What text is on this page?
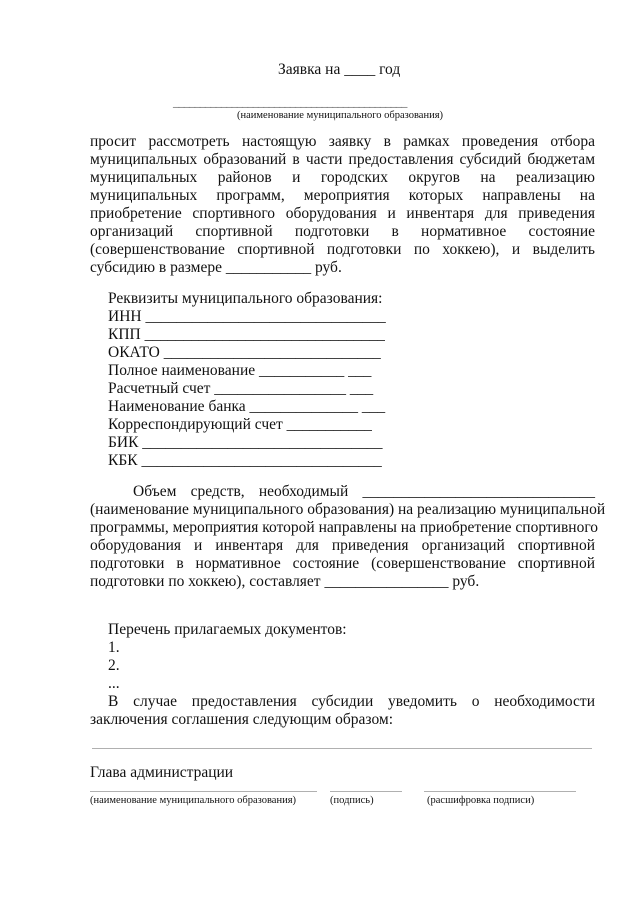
Заявка на ____ год
____________________________________________
(наименование муниципального образования)
просит рассмотреть настоящую заявку в рамках проведения отбора
муниципальных образований в части предоставления субсидий бюджетам
муниципальных районов и городских округов на реализацию
муниципальных программ, мероприятия которых направлены на
приобретение спортивного оборудования и инвентаря для приведения
организаций спортивной подготовки в нормативное состояние
(совершенствование спортивной подготовки по хоккею), и выделить
субсидию в размере ___________ руб.
Реквизиты муниципального образования:
ИНН _______________________________
КПП _______________________________
ОКАТО ____________________________
Полное наименование ___________ ___
Расчетный счет _________________ ___
Наименование банка ______________ ___
Корреспондирующий счет ___________
БИК _______________________________
КБК _______________________________
Объем средств, необходимый ______________________________
(наименование муниципального образования) на реализацию муниципальной
программы, мероприятия которой направлены на приобретение спортивного
оборудования и инвентаря для приведения организаций спортивной
подготовки в нормативное состояние (совершенствование спортивной
подготовки по хоккею), составляет ________________ руб.
Перечень прилагаемых документов:
1.
2.
...
В случае предоставления субсидии уведомить о необходимости
заключения соглашения следующим образом:
Глава администрации
(наименование муниципального образования)	(подпись)	(расшифровка подписи)
